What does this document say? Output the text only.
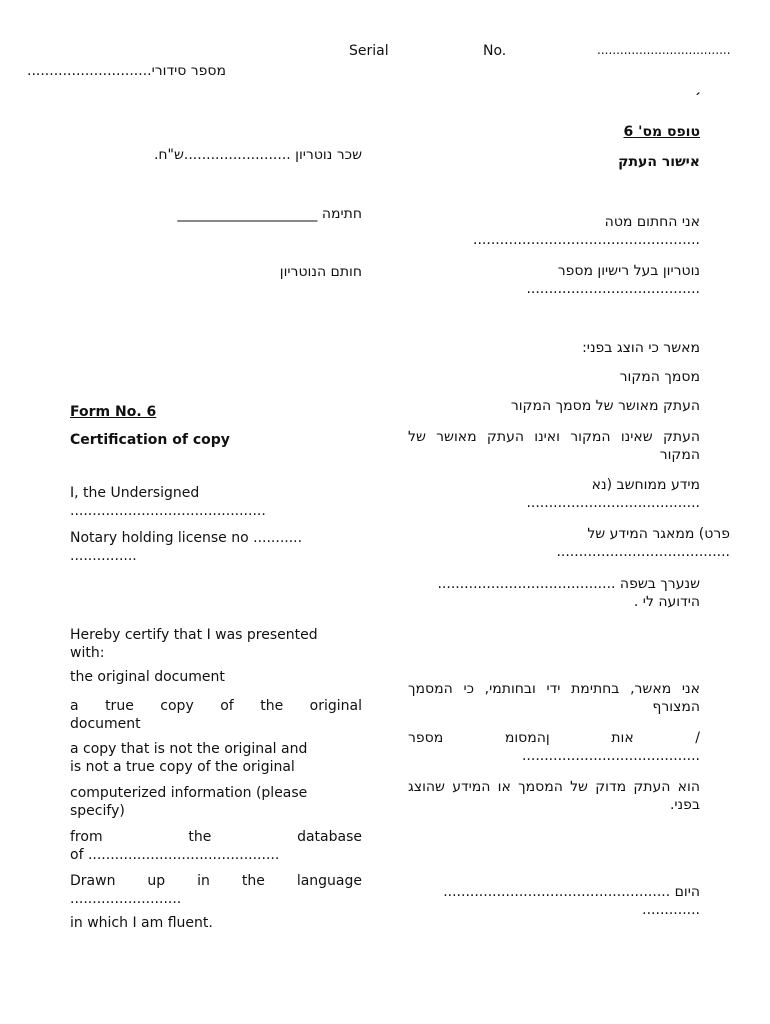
Serial	No.	...................................
מספר סידורי............................
׳
טופס מס' 6
אישור העתק
אני החתום מטה
...................................................
נוטריון בעל רישיון מספר
.......................................
מאשר כי הוצג בפני:
מסמך המקור
העתק מאושר של מסמך המקור
העתק שאינו המקור ואינו העתק מאושר של המקור
מידע ממוחשב (נא
.......................................
פרט) ממאגר המידע של
.......................................
שנערך בשפה ........................................
הידועה לי .
אני מאשר, בחתימת ידי ובחותמי, כי המסמך המצורף
/ אות ןהמסומ מספר ........................................
הוא העתק מדוק של המסמך או המידע שהוצג בפני.
היום ...................................................
.............
שכר נוטריון ........................ש"ח.
חתימה ____________________
חותם הנוטריון
Form No. 6
Certification of copy
I, the Undersigned
............................................
Notary holding license no ...........
...............
Hereby certify that I was presented
with:
the original document
a true copy of the original
document
a copy that is not the original and
is not a true copy of the original
computerized information (please
specify)
from the database
of ...........................................
Drawn up in the language
.........................
in which I am fluent.
